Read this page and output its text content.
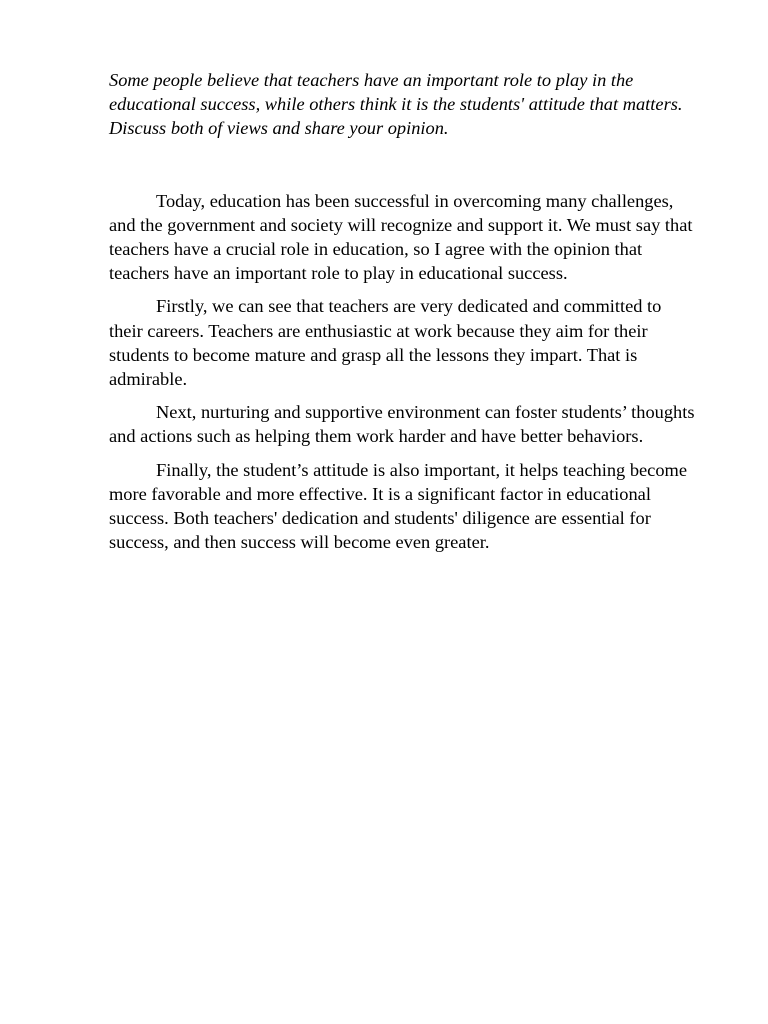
Some people believe that teachers have an important role to play in the educational success, while others think it is the students' attitude that matters. Discuss both of views and share your opinion.

Today, education has been successful in overcoming many challenges, and the government and society will recognize and support it. We must say that teachers have a crucial role in education, so I agree with the opinion that teachers have an important role to play in educational success.

Firstly, we can see that teachers are very dedicated and committed to their careers. Teachers are enthusiastic at work because they aim for their students to become mature and grasp all the lessons they impart. That is admirable.

Next, nurturing and supportive environment can foster students’ thoughts and actions such as helping them work harder and have better behaviors.

Finally, the student’s attitude is also important, it helps teaching become more favorable and more effective. It is a significant factor in educational success. Both teachers' dedication and students' diligence are essential for success, and then success will become even greater.
